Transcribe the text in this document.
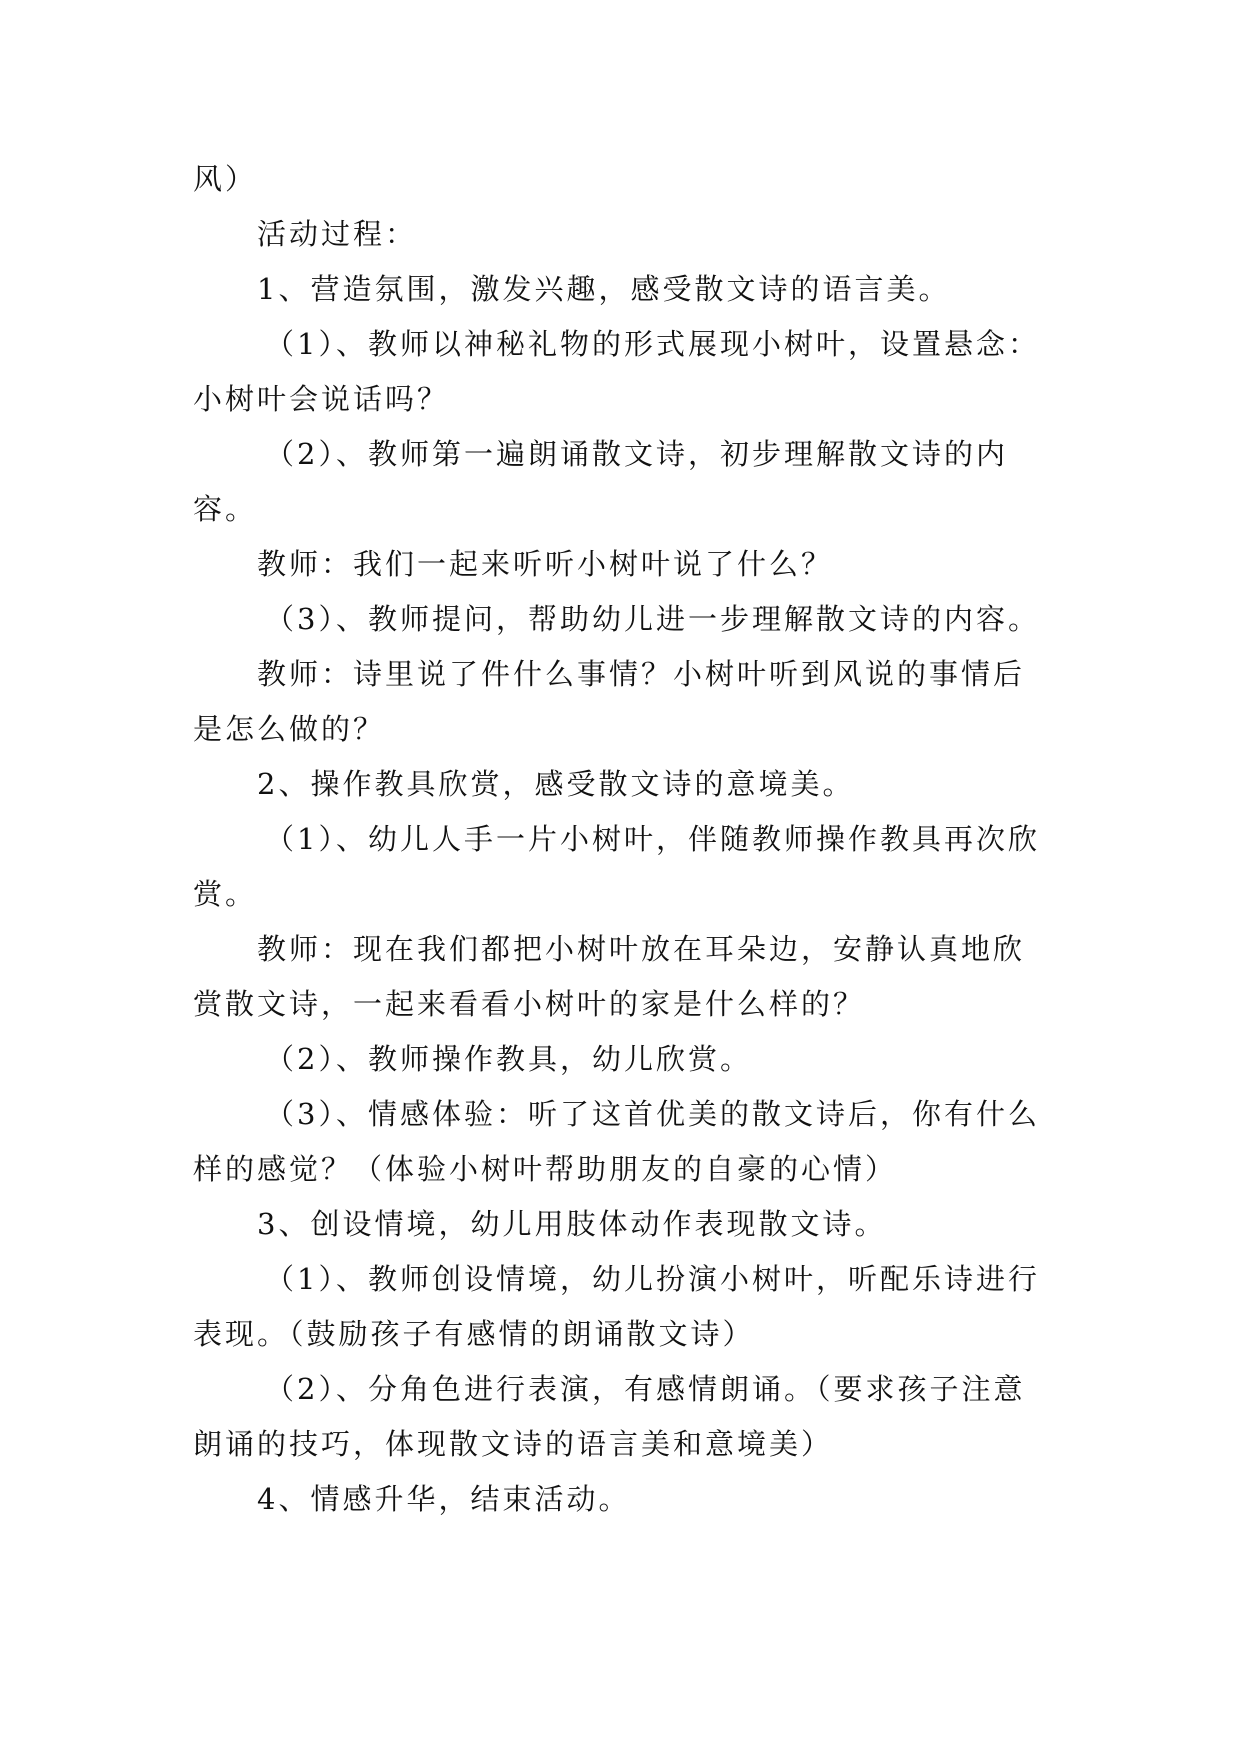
风）

活动过程：

1、营造氛围，激发兴趣，感受散文诗的语言美。

（1）、教师以神秘礼物的形式展现小树叶，设置悬念：小树叶会说话吗？

（2）、教师第一遍朗诵散文诗，初步理解散文诗的内容。

教师：我们一起来听听小树叶说了什么？

（3）、教师提问，帮助幼儿进一步理解散文诗的内容。

教师：诗里说了件什么事情？小树叶听到风说的事情后是怎么做的？

2、操作教具欣赏，感受散文诗的意境美。

（1）、幼儿人手一片小树叶，伴随教师操作教具再次欣赏。

教师：现在我们都把小树叶放在耳朵边，安静认真地欣赏散文诗，一起来看看小树叶的家是什么样的？

（2）、教师操作教具，幼儿欣赏。

（3）、情感体验：听了这首优美的散文诗后，你有什么样的感觉？（体验小树叶帮助朋友的自豪的心情）

3、创设情境，幼儿用肢体动作表现散文诗。

（1）、教师创设情境，幼儿扮演小树叶，听配乐诗进行表现。（鼓励孩子有感情的朗诵散文诗）

（2）、分角色进行表演，有感情朗诵。（要求孩子注意朗诵的技巧，体现散文诗的语言美和意境美）

4、情感升华，结束活动。
